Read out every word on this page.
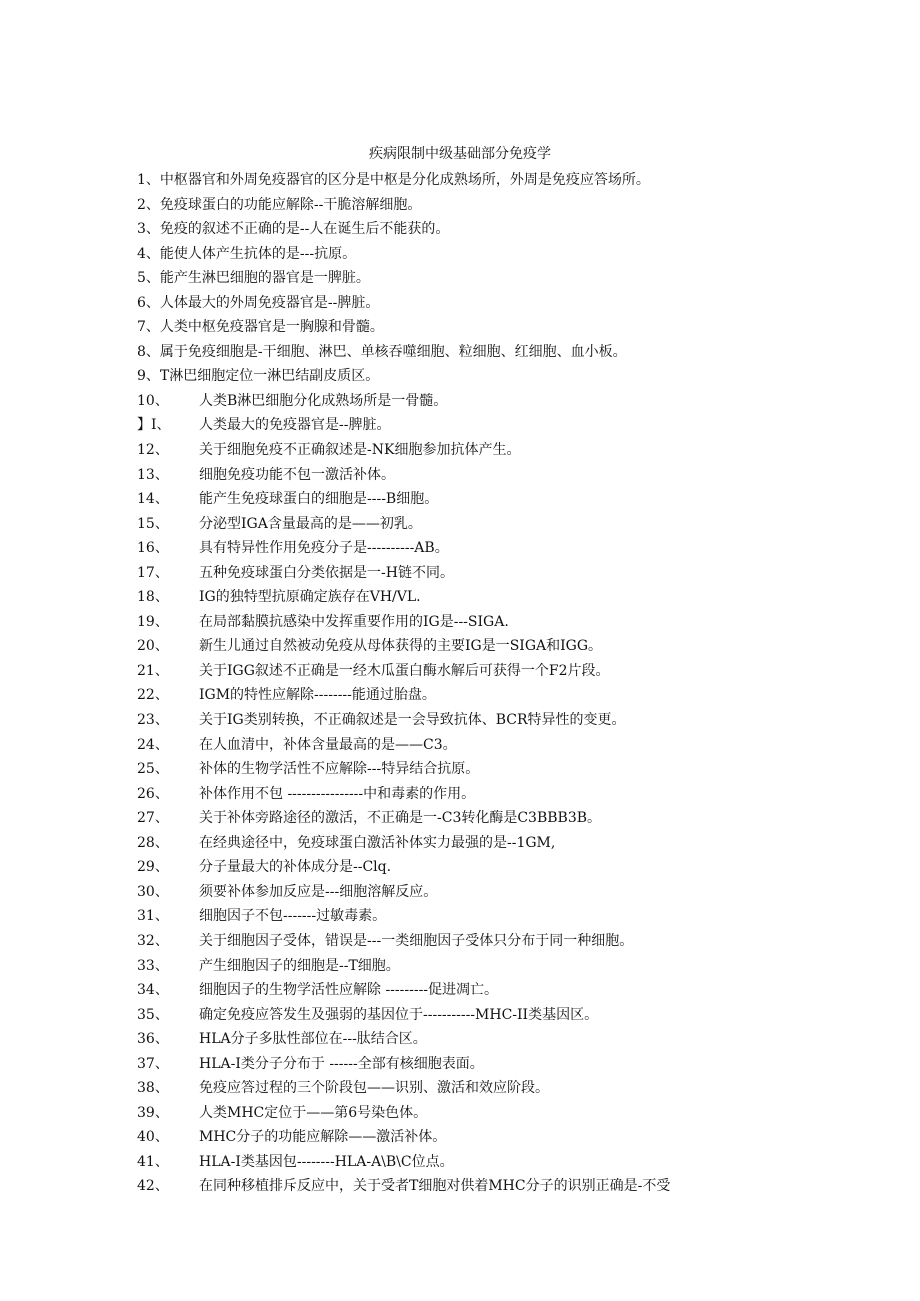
疾病限制中级基础部分免疫学
1、中枢器官和外周免疫器官的区分是中枢是分化成熟场所，外周是免疫应答场所。
2、免疫球蛋白的功能应解除--干脆溶解细胞。
3、免疫的叙述不正确的是--人在诞生后不能获的。
4、能使人体产生抗体的是---抗原。
5、能产生淋巴细胞的器官是一脾脏。
6、人体最大的外周免疫器官是--脾脏。
7、人类中枢免疫器官是一胸腺和骨髓。
8、属于免疫细胞是-干细胞、淋巴、单核吞噬细胞、粒细胞、红细胞、血小板。
9、T淋巴细胞定位一淋巴结副皮质区。
10、 人类B淋巴细胞分化成熟场所是一骨髓。
】I、 人类最大的免疫器官是--脾脏。
12、 关于细胞免疫不正确叙述是-NK细胞参加抗体产生。
13、 细胞免疫功能不包一激活补体。
14、 能产生免疫球蛋白的细胞是----B细胞。
15、 分泌型IGA含量最高的是——初乳。
16、 具有特异性作用免疫分子是----------AB。
17、 五种免疫球蛋白分类依据是一-H链不同。
18、 IG的独特型抗原确定族存在VH/VL.
19、 在局部黏膜抗感染中发挥重要作用的IG是---SIGA.
20、 新生儿通过自然被动免疫从母体获得的主要IG是一SIGA和IGG。
21、 关于IGG叙述不正确是一经木瓜蛋白酶水解后可获得一个F2片段。
22、 IGM的特性应解除--------能通过胎盘。
23、 关于IG类别转换，不正确叙述是一会导致抗体、BCR特异性的变更。
24、 在人血清中，补体含量最高的是——C3。
25、 补体的生物学活性不应解除---特异结合抗原。
26、 补体作用不包 ----------------中和毒素的作用。
27、 关于补体旁路途径的激活，不正确是一-C3转化酶是C3BBB3B。
28、 在经典途径中，免疫球蛋白激活补体实力最强的是--1GM,
29、 分子量最大的补体成分是--Clq.
30、 须要补体参加反应是---细胞溶解反应。
31、 细胞因子不包-------过敏毒素。
32、 关于细胞因子受体，错误是---一类细胞因子受体只分布于同一种细胞。
33、 产生细胞因子的细胞是--T细胞。
34、 细胞因子的生物学活性应解除 ---------促进凋亡。
35、 确定免疫应答发生及强弱的基因位于-----------MHC-II类基因区。
36、 HLA分子多肽性部位在---肽结合区。
37、 HLA-I类分子分布于 ------全部有核细胞表面。
38、 免疫应答过程的三个阶段包——识别、激活和效应阶段。
39、 人类MHC定位于——第6号染色体。
40、 MHC分子的功能应解除——激活补体。
41、 HLA-I类基因包--------HLA-A\B\C位点。
42、 在同种移植排斥反应中，关于受者T细胞对供着MHC分子的识别正确是-不受
